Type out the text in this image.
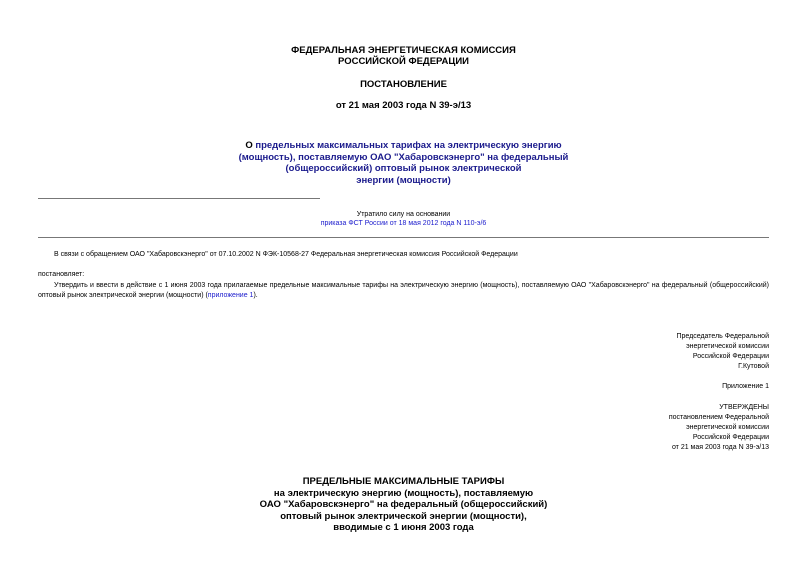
ФЕДЕРАЛЬНАЯ ЭНЕРГЕТИЧЕСКАЯ КОМИССИЯ
РОССИЙСКОЙ ФЕДЕРАЦИИ
ПОСТАНОВЛЕНИЕ
от 21 мая 2003 года N 39-э/13
О предельных максимальных тарифах на электрическую энергию
(мощность), поставляемую ОАО "Хабаровскэнерго" на федеральный
(общероссийский) оптовый рынок электрической
энергии (мощности)
Утратило силу на основании
приказа ФСТ России от 18 мая 2012 года N 110-э/6
В связи с обращением ОАО "Хабаровскэнерго" от 07.10.2002 N ФЭК-10568-27 Федеральная энергетическая комиссия Российской Федерации
постановляет:
Утвердить и ввести в действие с 1 июня 2003 года прилагаемые предельные максимальные тарифы на электрическую энергию (мощность), поставляемую ОАО "Хабаровскэнерго" на федеральный (общероссийский) оптовый рынок электрической энергии (мощности) (приложение 1).
Председатель Федеральной
энергетической комиссии
Российской Федерации
Г.Кутовой
Приложение 1
УТВЕРЖДЕНЫ
постановлением Федеральной
энергетической комиссии
Российской Федерации
от 21 мая 2003 года N 39-э/13
ПРЕДЕЛЬНЫЕ МАКСИМАЛЬНЫЕ ТАРИФЫ
на электрическую энергию (мощность), поставляемую
ОАО "Хабаровскэнерго" на федеральный (общероссийский)
оптовый рынок электрической энергии (мощности),
вводимые с 1 июня 2003 года
